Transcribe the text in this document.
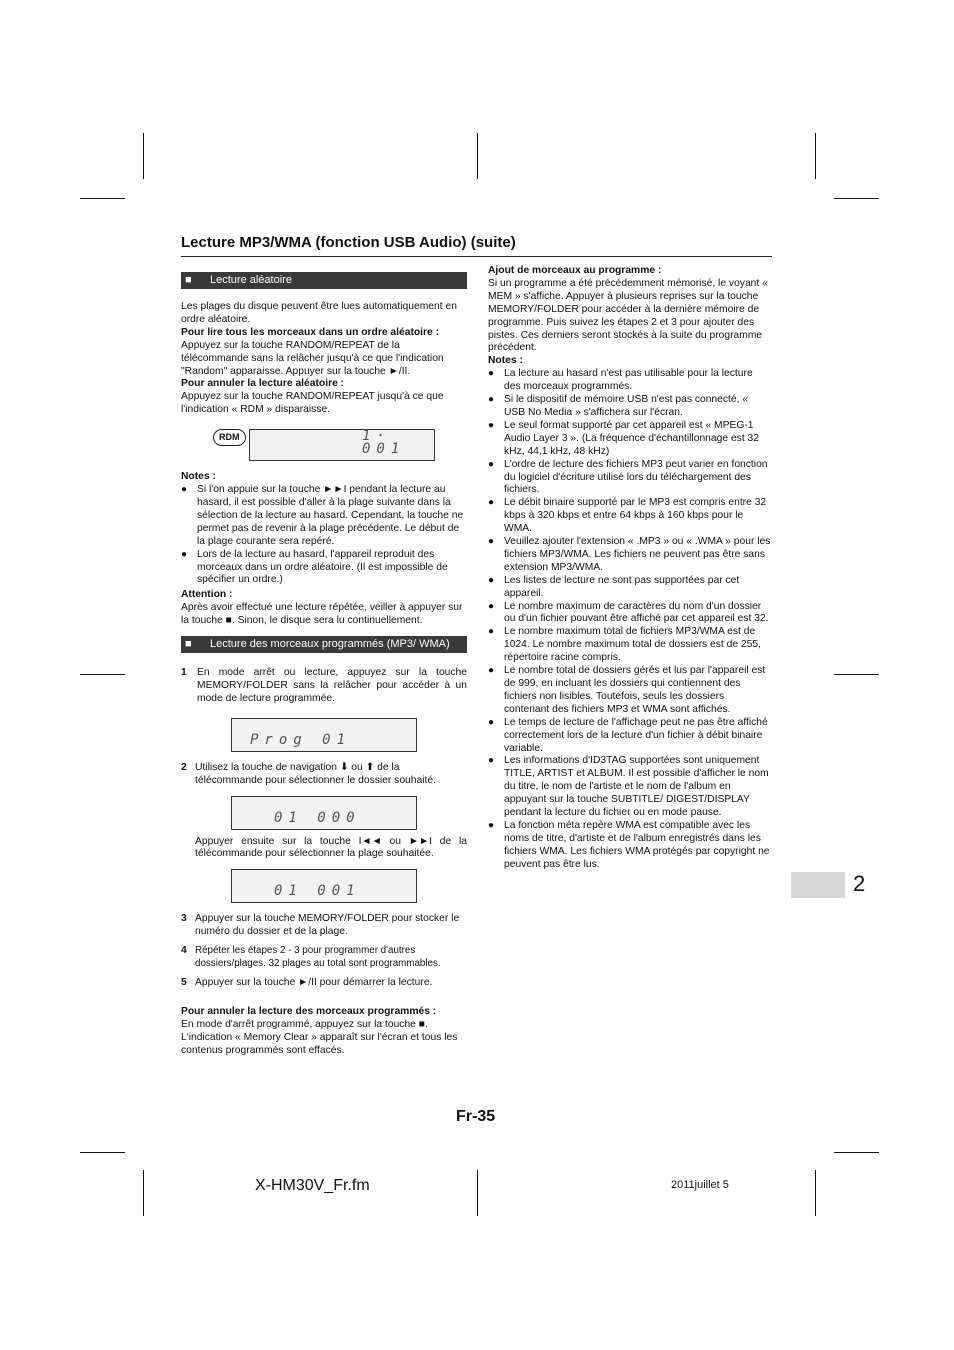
Lecture MP3/WMA (fonction USB Audio) (suite)
■	Lecture aléatoire

Les plages du disque peuvent être lues automatiquement en ordre aléatoire.

Pour lire tous les morceaux dans un ordre aléatoire :

Appuyez sur la touche RANDOM/REPEAT de la télécommande sans la relâcher jusqu'à ce que l'indication "Random" apparaisse. Appuyer sur la touche ►/II.

Pour annuler la lecture aléatoire :

Appuyez sur la touche RANDOM/REPEAT jusqu'à ce que l'indication « RDM » disparaisse.

RDM	1· 001

Notes :

● Si l'on appuie sur la touche ►►I pendant la lecture au hasard, il est possible d'aller à la plage suivante dans la sélection de la lecture au hasard. Cependant, la touche ne permet pas de revenir à la plage précédente. Le début de la plage courante sera repéré.
● Lors de la lecture au hasard, l'appareil reproduit des morceaux dans un ordre aléatoire. (Il est impossible de spécifier un ordre.)

Attention :

Après avoir effectué une lecture répétée, veiller à appuyer sur la touche ■. Sinon, le disque sera lu continuellement.

■	Lecture des morceaux programmés (MP3/ WMA)
1 En mode arrêt ou lecture, appuyez sur la touche MEMORY/FOLDER sans la relâcher pour accéder à un mode de lecture programmée.
Prog 01
2 Utilisez la touche de navigation ⬇ ou ⬆ de la télécommande pour sélectionner le dossier souhaité.
01 000
Appuyer ensuite sur la touche I◄◄ ou ►►I de la télécommande pour sélectionner la plage souhaitée.
01 001
3 Appuyer sur la touche MEMORY/FOLDER pour stocker le numéro du dossier et de la plage.
4 Répéter les étapes 2 - 3 pour programmer d'autres dossiers/plages. 32 plages au total sont programmables.
5 Appuyer sur la touche ►/II pour démarrer la lecture.

Pour annuler la lecture des morceaux programmés :

En mode d'arrêt programmé, appuyez sur la touche ■. L'indication « Memory Clear » apparaît sur l'écran et tous les contenus programmés sont effacés.

Ajout de morceaux au programme :

Si un programme a été précédemment mémorisé, le voyant « MEM » s'affiche. Appuyer à plusieurs reprises sur la touche MEMORY/FOLDER pour accéder à la dernière mémoire de programme. Puis suivez les étapes 2 et 3 pour ajouter des pistes. Ces derniers seront stockés à la suite du programme précédent.

Notes :

● La lecture au hasard n'est pas utilisable pour la lecture des morceaux programmés.
● Si le dispositif de mémoire USB n'est pas connecté, « USB No Media » s'affichera sur l'écran.
● Le seul format supporté par cet appareil est « MPEG-1 Audio Layer 3 ». (La fréquence d'échantillonnage est 32 kHz, 44,1 kHz, 48 kHz)
● L'ordre de lecture des fichiers MP3 peut varier en fonction du logiciel d'écriture utilisé lors du téléchargement des fichiers.
● Le débit binaire supporté par le MP3 est compris entre 32 kbps à 320 kbps et entre 64 kbps à 160 kbps pour le WMA.
● Veuillez ajouter l'extension « .MP3 » ou « .WMA » pour les fichiers MP3/WMA. Les fichiers ne peuvent pas être sans extension MP3/WMA.
● Les listes de lecture ne sont pas supportées par cet appareil.
● Le nombre maximum de caractères du nom d'un dossier ou d'un fichier pouvant être affiché par cet appareil est 32.
● Le nombre maximum total de fichiers MP3/WMA est de 1024. Le nombre maximum total de dossiers est de 255, répertoire racine compris.
● Le nombre total de dossiers gérés et lus par l'appareil est de 999, en incluant les dossiers qui contiennent des fichiers non lisibles. Toutefois, seuls les dossiers contenant des fichiers MP3 et WMA sont affichés.
● Le temps de lecture de l'affichage peut ne pas être affiché correctement lors de la lecture d'un fichier à débit binaire variable.
● Les informations d'ID3TAG supportées sont uniquement TITLE, ARTIST et ALBUM. Il est possible d'afficher le nom du titre, le nom de l'artiste et le nom de l'album en appuyant sur la touche SUBTITLE/ DIGEST/DISPLAY pendant la lecture du fichier ou en mode pause.
● La fonction méta repère WMA est compatible avec les noms de titre, d'artiste et de l'album enregistrés dans les fichiers WMA. Les fichiers WMA protégés par copyright ne peuvent pas être lus.
2
Fr-35
X-HM30V_Fr.fm	2011juillet 5
